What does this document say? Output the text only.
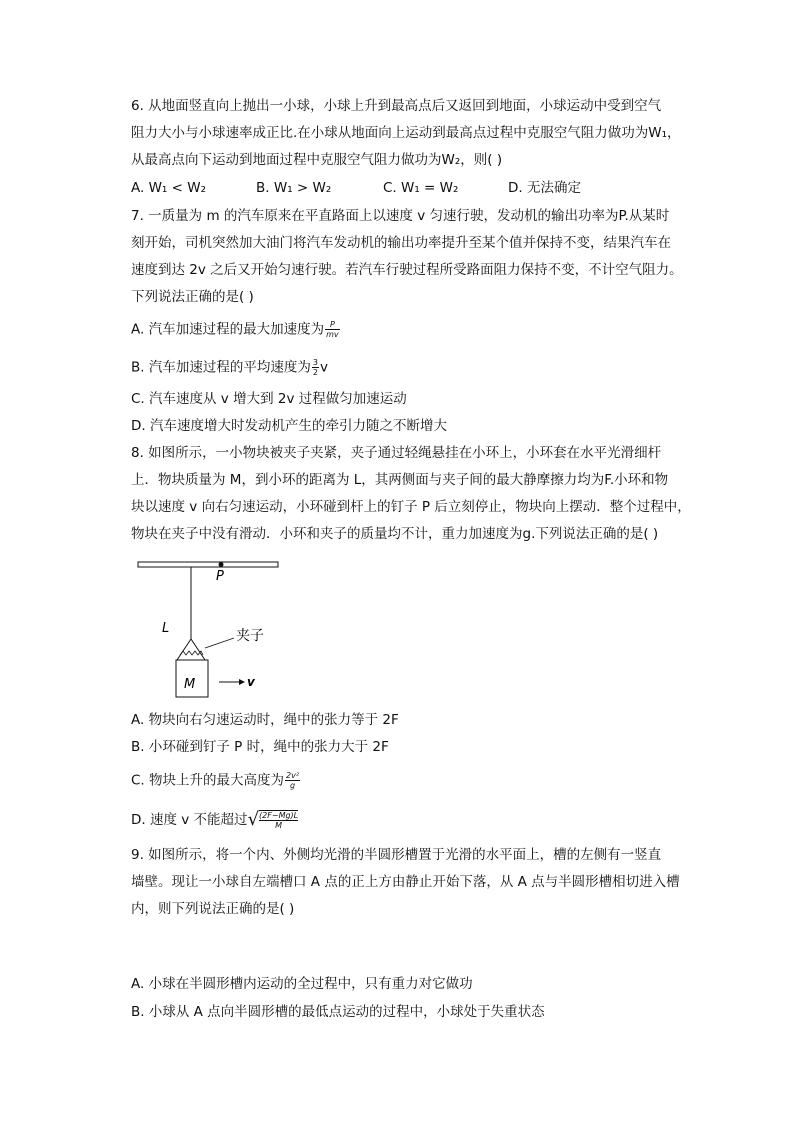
6. 从地面竖直向上抛出一小球，小球上升到最高点后又返回到地面，小球运动中受到空气
阻力大小与小球速率成正比.在小球从地面向上运动到最高点过程中克服空气阻力做功为W₁，
从最高点向下运动到地面过程中克服空气阻力做功为W₂，则( )
A. W₁ < W₂	B. W₁ > W₂	C. W₁ = W₂	D. 无法确定
7. 一质量为 m 的汽车原来在平直路面上以速度 v 匀速行驶，发动机的输出功率为P.从某时
刻开始，司机突然加大油门将汽车发动机的输出功率提升至某个值并保持不变，结果汽车在
速度到达 2v 之后又开始匀速行驶。若汽车行驶过程所受路面阻力保持不变，不计空气阻力。
下列说法正确的是( )
A. 汽车加速过程的最大加速度为 $\frac{P}{mv}$
B. 汽车加速过程的平均速度为 $\frac{3}{2}$ v
C. 汽车速度从 v 增大到 2v 过程做匀加速运动
D. 汽车速度增大时发动机产生的牵引力随之不断增大
8. 如图所示，一小物块被夹子夹紧，夹子通过轻绳悬挂在小环上，小环套在水平光滑细杆
上．物块质量为 M，到小环的距离为 L，其两侧面与夹子间的最大静摩擦力均为F.小环和物
块以速度 v 向右匀速运动，小环碰到杆上的钉子 P 后立刻停止，物块向上摆动．整个过程中，
物块在夹子中没有滑动．小环和夹子的质量均不计，重力加速度为g.下列说法正确的是( )
P
L	夹子
M	v
A. 物块向右匀速运动时，绳中的张力等于 2F
B. 小环碰到钉子 P 时，绳中的张力大于 2F
C. 物块上升的最大高度为 $\frac{\text{2v²}}{g}$
D. 速度 v 不能超过√ $\frac{(2F-Mg)L}{M}$
9. 如图所示，将一个内、外侧均光滑的半圆形槽置于光滑的水平面上，槽的左侧有一竖直
墙壁。现让一小球自左端槽口 A 点的正上方由静止开始下落，从 A 点与半圆形槽相切进入槽
内，则下列说法正确的是( )
A. 小球在半圆形槽内运动的全过程中，只有重力对它做功
B. 小球从 A 点向半圆形槽的最低点运动的过程中，小球处于失重状态
